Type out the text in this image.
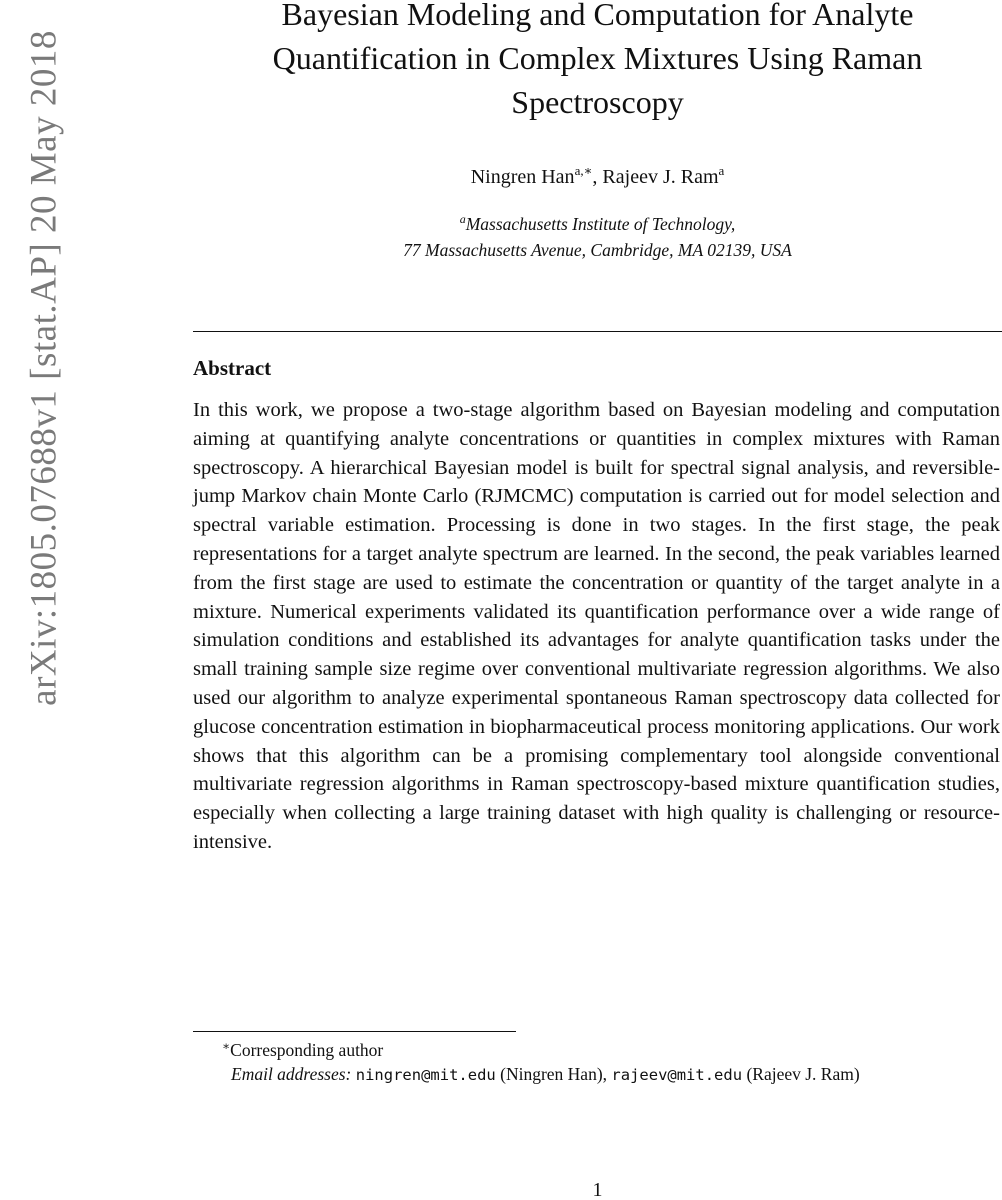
arXiv:1805.07688v1 [stat.AP] 20 May 2018
Bayesian Modeling and Computation for Analyte
Quantification in Complex Mixtures Using Raman
Spectroscopy
Ningren Han$^{a,∗}$, Rajeev J. Ram$^a$
$^a$Massachusetts Institute of Technology,
77 Massachusetts Avenue, Cambridge, MA 02139, USA
Abstract

In this work, we propose a two-stage algorithm based on Bayesian modeling and computation aiming at quantifying analyte concentrations or quantities in complex mixtures with Raman spectroscopy. A hierarchical Bayesian model is built for spectral signal analysis, and reversible-jump Markov chain Monte Carlo (RJMCMC) computation is carried out for model selection and spectral variable estimation. Processing is done in two stages. In the first stage, the peak representations for a target analyte spectrum are learned. In the second, the peak variables learned from the first stage are used to estimate the concentration or quantity of the target analyte in a mixture. Numerical experiments validated its quantification performance over a wide range of simulation conditions and established its advantages for analyte quantification tasks under the small training sample size regime over conventional multivariate regression algorithms. We also used our algorithm to analyze experimental spontaneous Raman spectroscopy data collected for glucose concentration estimation in biopharmaceutical process monitoring applications. Our work shows that this algorithm can be a promising complementary tool alongside conventional multivariate regression algorithms in Raman spectroscopy-based mixture quantification studies, especially when collecting a large training dataset with high quality is challenging or resource-intensive.

∗Corresponding author
Email addresses: ningren@mit.edu (Ningren Han), rajeev@mit.edu (Rajeev J. Ram)
1
